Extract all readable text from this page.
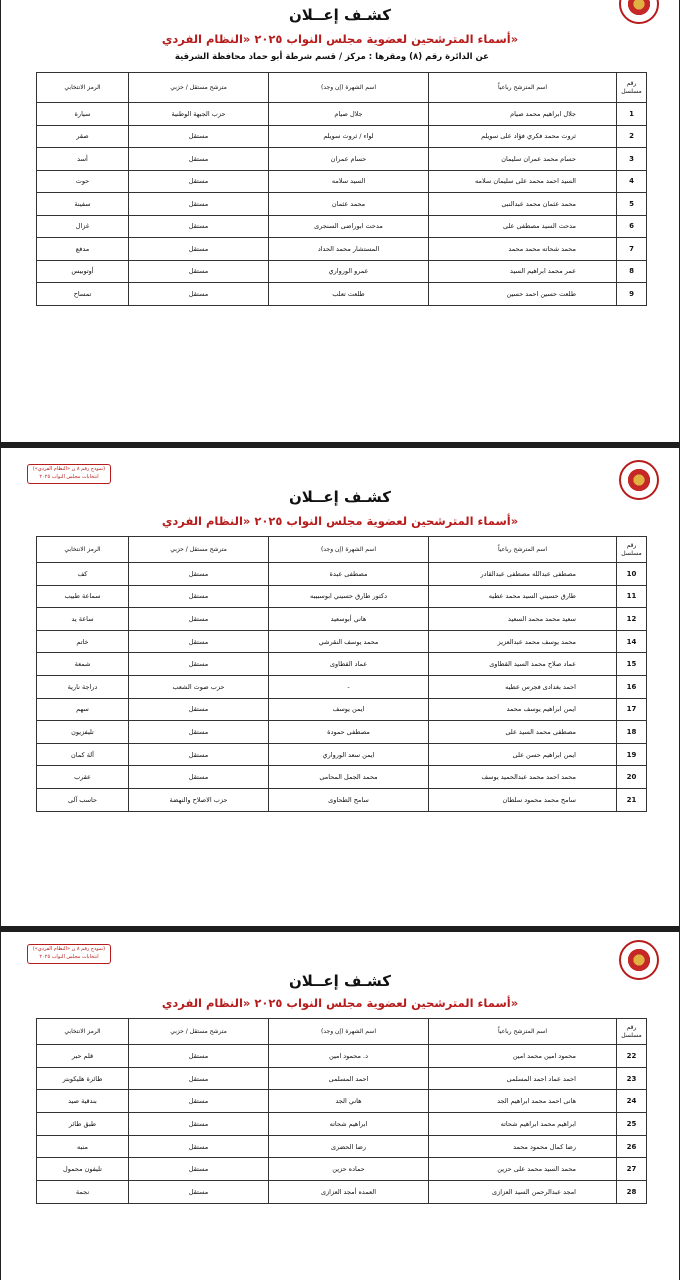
كشـف إعــلان
أسماء المترشحين لعضوية مجلس النواب ٢٠٢٥ «النظام الفردي»
عن الدائرة رقم (٨) ومقرها : مركز / قسم شرطة أبو حماد محافظة الشرقية
رقم مسلسل	اسم المترشح رباعياً	اسم الشهرة (إن وجد)	مترشح مستقل / حزبي	الرمز الانتخابي
1	جلال ابراهيم محمد صيام	جلال صيام	حزب الجبهة الوطنية	سيارة
2	ثروت محمد فكري فؤاد على سويلم	لواء / ثروت سويلم	مستقل	صقر
3	حسام محمد عمران سليمان	حسام عمران	مستقل	أسد
4	السيد احمد محمد على سليمان سلامه	السيد سلامه	مستقل	حوت
5	محمد عثمان محمد عبدالنبى	محمد عثمان	مستقل	سفينة
6	مدحت السيد مصطفى على	مدحت ابوراضى السنجرى	مستقل	غزال
7	محمد شحاته محمد محمد	المستشار محمد الحداد	مستقل	مدفع
8	عمر محمد ابراهيم السيد	عمرو الورواري	مستقل	أوتوبيس
9	طلعت حسين احمد حسين	طلعت تعلب	مستقل	تمساح
(نموذج رقم ٨ ن «النظام الفردي») انتخابات مجلس النواب ٢٠٢٥
كشـف إعــلان
أسماء المترشحين لعضوية مجلس النواب ٢٠٢٥ «النظام الفردي»
رقم مسلسل	اسم المترشح رباعياً	اسم الشهرة (إن وجد)	مترشح مستقل / حزبي	الرمز الانتخابي
10	مصطفى عبدالله مصطفى عبدالقادر	مصطفى عبدة	مستقل	كف
11	طارق حسيني السيد محمد عطيه	دكتور طارق حسيني ابوسبيبه	مستقل	سماعة طبيب
12	سعيد محمد محمد السعيد	هاني أبوسعيد	مستقل	ساعة يد
14	محمد يوسف محمد عبدالعزيز	محمد يوسف النقرشي	مستقل	خاتم
15	عماد صلاح محمد السيد القطاوى	عماد القطاوى	مستقل	شمعة
16	احمد بغدادى فجرس عطيه	-	حزب صوت الشعب	دراجة نارية
17	ايمن ابراهيم يوسف محمد	ايمن يوسف	مستقل	سهم
18	مصطفى محمد السيد على	مصطفى حمودة	مستقل	تليفزيون
19	ايمن ابراهيم حسن على	ايمن سعد الورواري	مستقل	آلة كمان
20	محمد احمد محمد عبدالحميد يوسف	محمد الجمل المحامى	مستقل	عقرب
21	سامح محمد محمود سلطان	سامح الطحاوى	حزب الاصلاح والنهضة	حاسب آلى
(نموذج رقم ٨ ن «النظام الفردي») انتخابات مجلس النواب ٢٠٢٥
كشـف إعــلان
أسماء المترشحين لعضوية مجلس النواب ٢٠٢٥ «النظام الفردي»
رقم مسلسل	اسم المترشح رباعياً	اسم الشهرة (إن وجد)	مترشح مستقل / حزبي	الرمز الانتخابي
22	محمود امين محمد امين	د. محمود امين	مستقل	قلم حبر
23	احمد عماد احمد المسلمى	احمد المسلمى	مستقل	طائرة هليكوبتر
24	هانى احمد محمد ابراهيم الجد	هاني الجد	مستقل	بندقية صيد
25	ابراهيم محمد ابراهيم شحاته	ابراهيم شحاته	مستقل	طبق طائر
26	رضا كمال محمود محمد	رضا الحضرى	مستقل	منبه
27	محمد السيد محمد على حزين	حماده حزين	مستقل	تليفون محمول
28	امجد عبدالرحمن السيد العزازى	العمده أمجد العزازى	مستقل	نجمة
